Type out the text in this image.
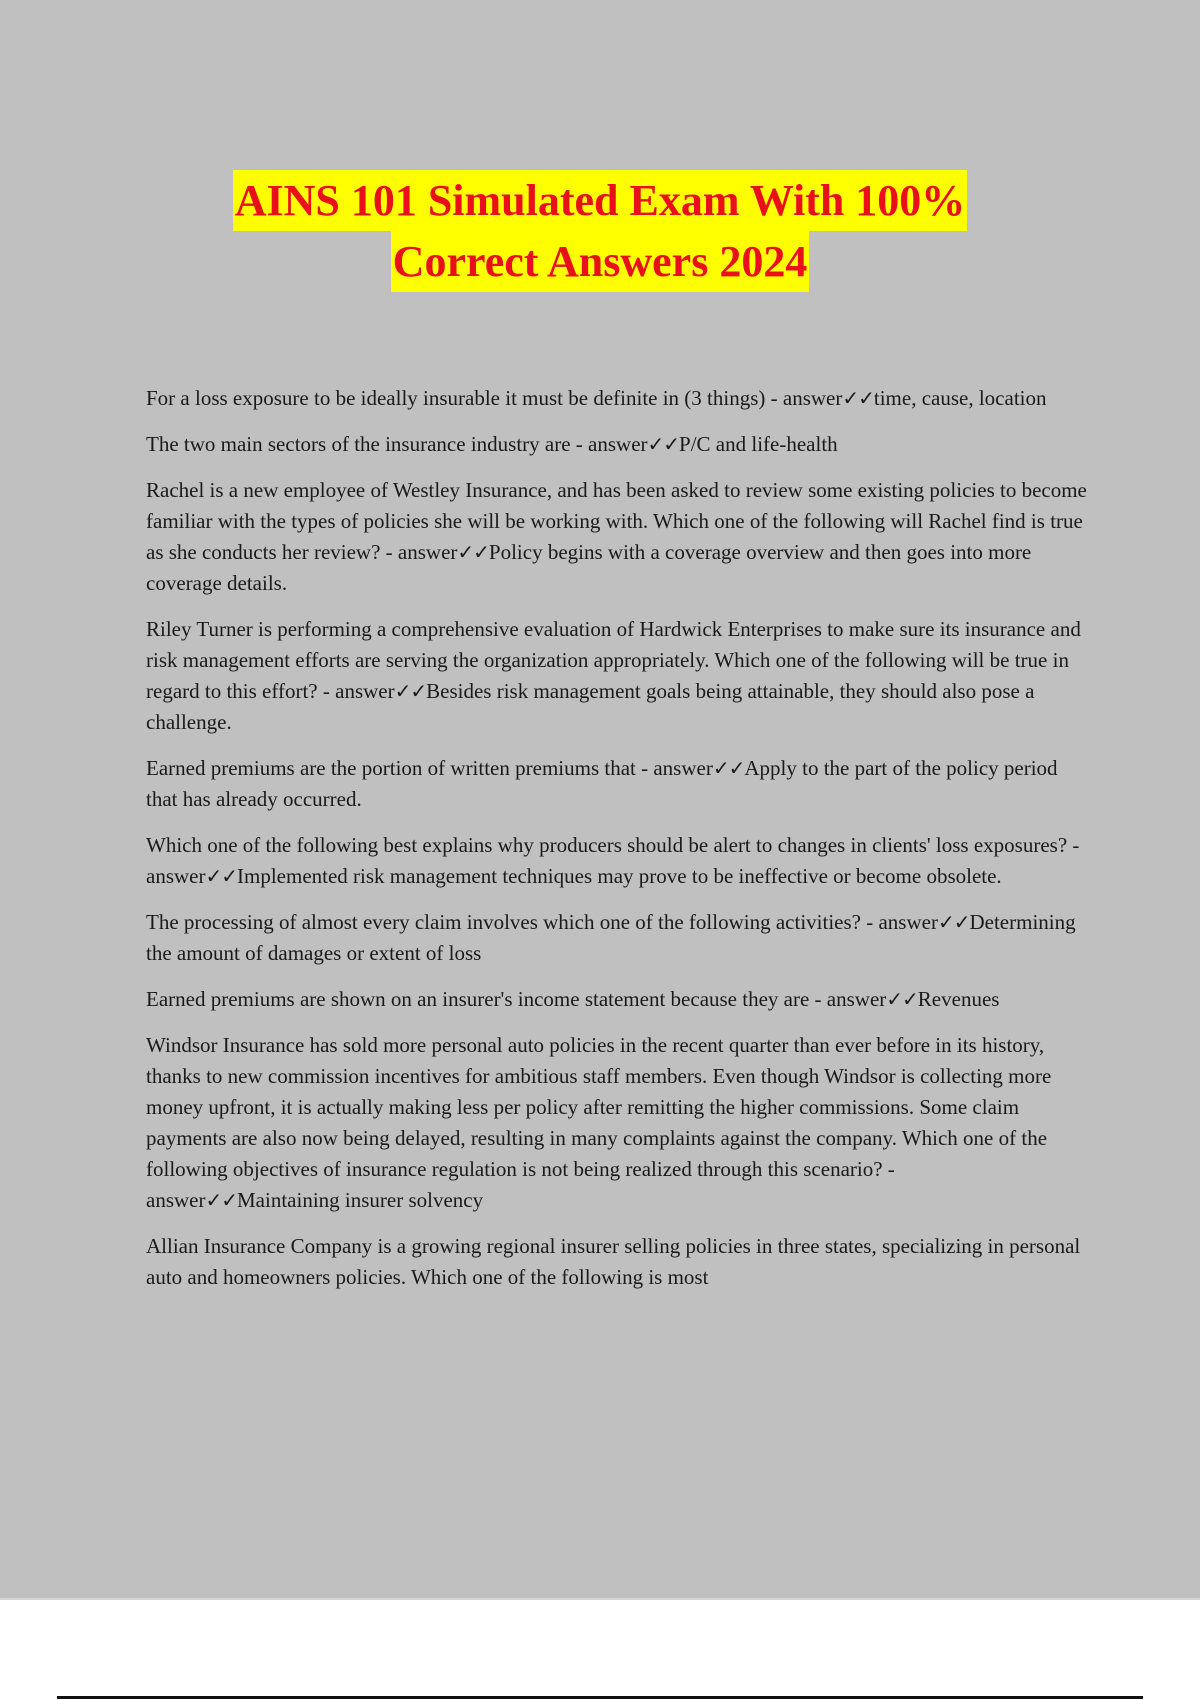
AINS 101 Simulated Exam With 100%
Correct Answers 2024

For a loss exposure to be ideally insurable it must be definite in (3 things) - answer✓✓time, cause, location

The two main sectors of the insurance industry are - answer✓✓P/C and life-health

Rachel is a new employee of Westley Insurance, and has been asked to review some existing policies to become familiar with the types of policies she will be working with. Which one of the following will Rachel find is true as she conducts her review? - answer✓✓Policy begins with a coverage overview and then goes into more coverage details.

Riley Turner is performing a comprehensive evaluation of Hardwick Enterprises to make sure its insurance and risk management efforts are serving the organization appropriately. Which one of the following will be true in regard to this effort? - answer✓✓Besides risk management goals being attainable, they should also pose a challenge.

Earned premiums are the portion of written premiums that - answer✓✓Apply to the part of the policy period that has already occurred.

Which one of the following best explains why producers should be alert to changes in clients' loss exposures? - answer✓✓Implemented risk management techniques may prove to be ineffective or become obsolete.

The processing of almost every claim involves which one of the following activities? - answer✓✓Determining the amount of damages or extent of loss

Earned premiums are shown on an insurer's income statement because they are - answer✓✓Revenues

Windsor Insurance has sold more personal auto policies in the recent quarter than ever before in its history, thanks to new commission incentives for ambitious staff members. Even though Windsor is collecting more money upfront, it is actually making less per policy after remitting the higher commissions. Some claim payments are also now being delayed, resulting in many complaints against the company. Which one of the following objectives of insurance regulation is not being realized through this scenario? - answer✓✓Maintaining insurer solvency

Allian Insurance Company is a growing regional insurer selling policies in three states, specializing in personal auto and homeowners policies. Which one of the following is most
